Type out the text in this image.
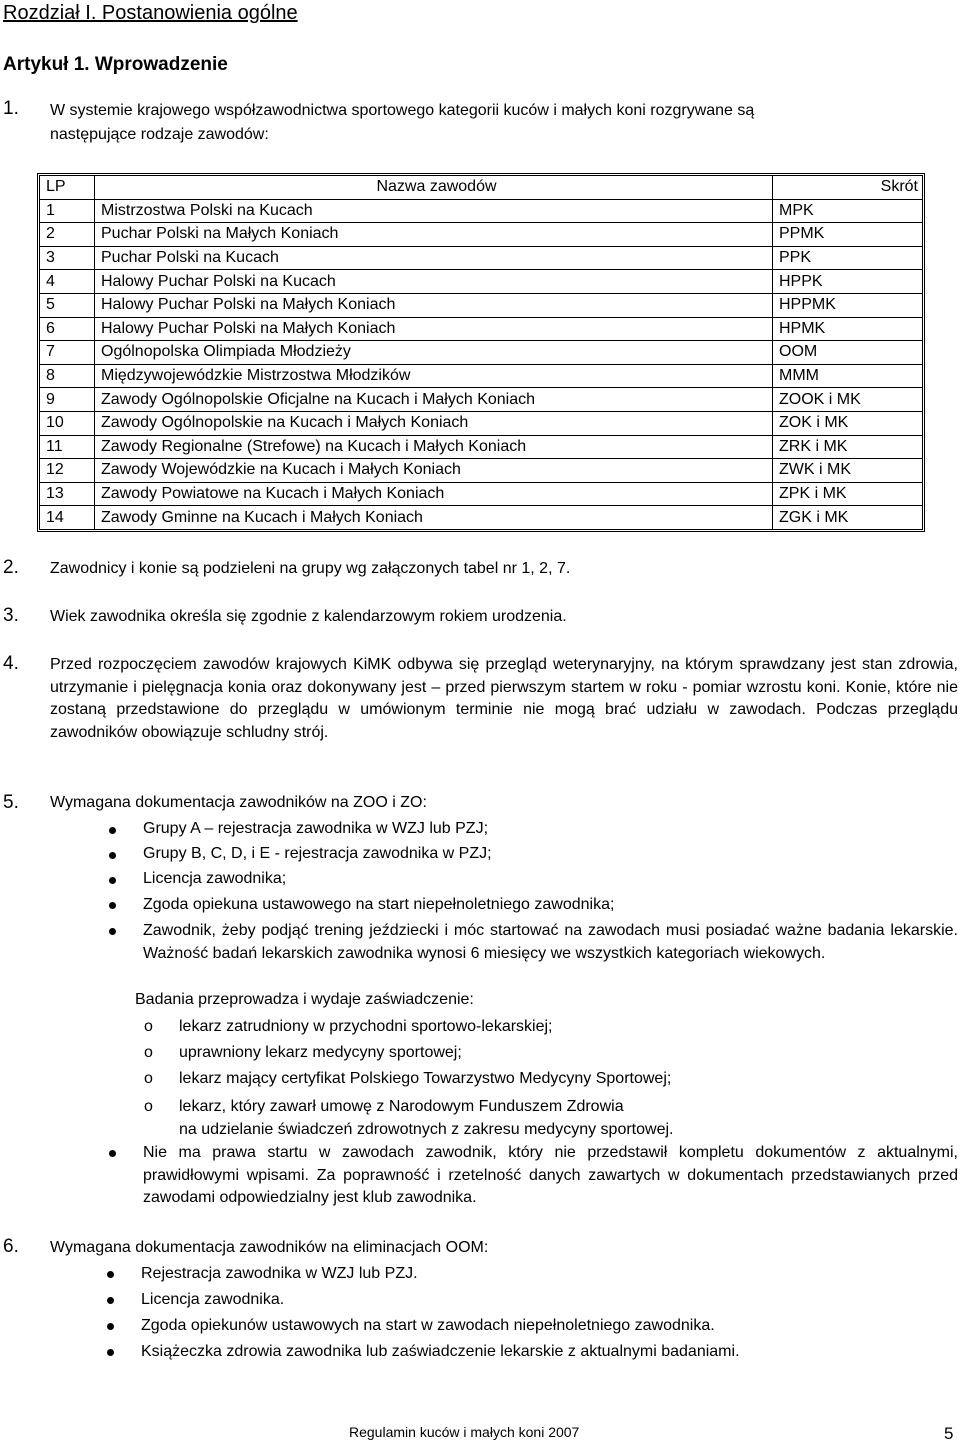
Rozdział I. Postanowienia ogólne
Artykuł 1. Wprowadzenie
1. W systemie krajowego współzawodnictwa sportowego kategorii kuców i małych koni rozgrywane są
następujące rodzaje zawodów:
LP	Nazwa zawodów	Skrót
1	Mistrzostwa Polski na Kucach	MPK
2	Puchar Polski na Małych Koniach	PPMK
3	Puchar Polski na Kucach	PPK
4	Halowy Puchar Polski na Kucach	HPPK
5	Halowy Puchar Polski na Małych Koniach	HPPMK
6	Halowy Puchar Polski na Małych Koniach	HPMK
7	Ogólnopolska Olimpiada Młodzieży	OOM
8	Międzywojewódzkie Mistrzostwa Młodzików	MMM
9	Zawody Ogólnopolskie Oficjalne na Kucach i Małych Koniach	ZOOK i MK
10	Zawody Ogólnopolskie na Kucach i Małych Koniach	ZOK i MK
11	Zawody Regionalne (Strefowe) na Kucach i Małych Koniach	ZRK i MK
12	Zawody Wojewódzkie na Kucach i Małych Koniach	ZWK i MK
13	Zawody Powiatowe na Kucach i Małych Koniach	ZPK i MK
14	Zawody Gminne na Kucach i Małych Koniach	ZGK i MK
2. Zawodnicy i konie są podzieleni na grupy wg załączonych tabel nr 1, 2, 7.
3. Wiek zawodnika określa się zgodnie z kalendarzowym rokiem urodzenia.
4. Przed rozpoczęciem zawodów krajowych KiMK odbywa się przegląd weterynaryjny, na którym sprawdzany jest stan zdrowia, utrzymanie i pielęgnacja konia oraz dokonywany jest – przed pierwszym startem w roku - pomiar wzrostu koni. Konie, które nie zostaną przedstawione do przeglądu w umówionym terminie nie mogą brać udziału w zawodach. Podczas przeglądu zawodników obowiązuje schludny strój.
5. Wymagana dokumentacja zawodników na ZOO i ZO:
Grupy A – rejestracja zawodnika w WZJ lub PZJ;
Grupy B, C, D, i E - rejestracja zawodnika w PZJ;
Licencja zawodnika;
Zgoda opiekuna ustawowego na start niepełnoletniego zawodnika;
Zawodnik, żeby podjąć trening jeździecki i móc startować na zawodach musi posiadać ważne badania lekarskie. Ważność badań lekarskich zawodnika wynosi 6 miesięcy we wszystkich kategoriach wiekowych.
Badania przeprowadza i wydaje zaświadczenie:
o lekarz zatrudniony w przychodni sportowo-lekarskiej;
o uprawniony lekarz medycyny sportowej;
o lekarz mający certyfikat Polskiego Towarzystwo Medycyny Sportowej;
o lekarz, który zawarł umowę z Narodowym Funduszem Zdrowia
na udzielanie świadczeń zdrowotnych z zakresu medycyny sportowej.
Nie ma prawa startu w zawodach zawodnik, który nie przedstawił kompletu dokumentów z aktualnymi, prawidłowymi wpisami. Za poprawność i rzetelność danych zawartych w dokumentach przedstawianych przed zawodami odpowiedzialny jest klub zawodnika.
6. Wymagana dokumentacja zawodników na eliminacjach OOM:
Rejestracja zawodnika w WZJ lub PZJ.
Licencja zawodnika.
Zgoda opiekunów ustawowych na start w zawodach niepełnoletniego zawodnika.
Książeczka zdrowia zawodnika lub zaświadczenie lekarskie z aktualnymi badaniami.
Regulamin kuców i małych koni 2007	5
